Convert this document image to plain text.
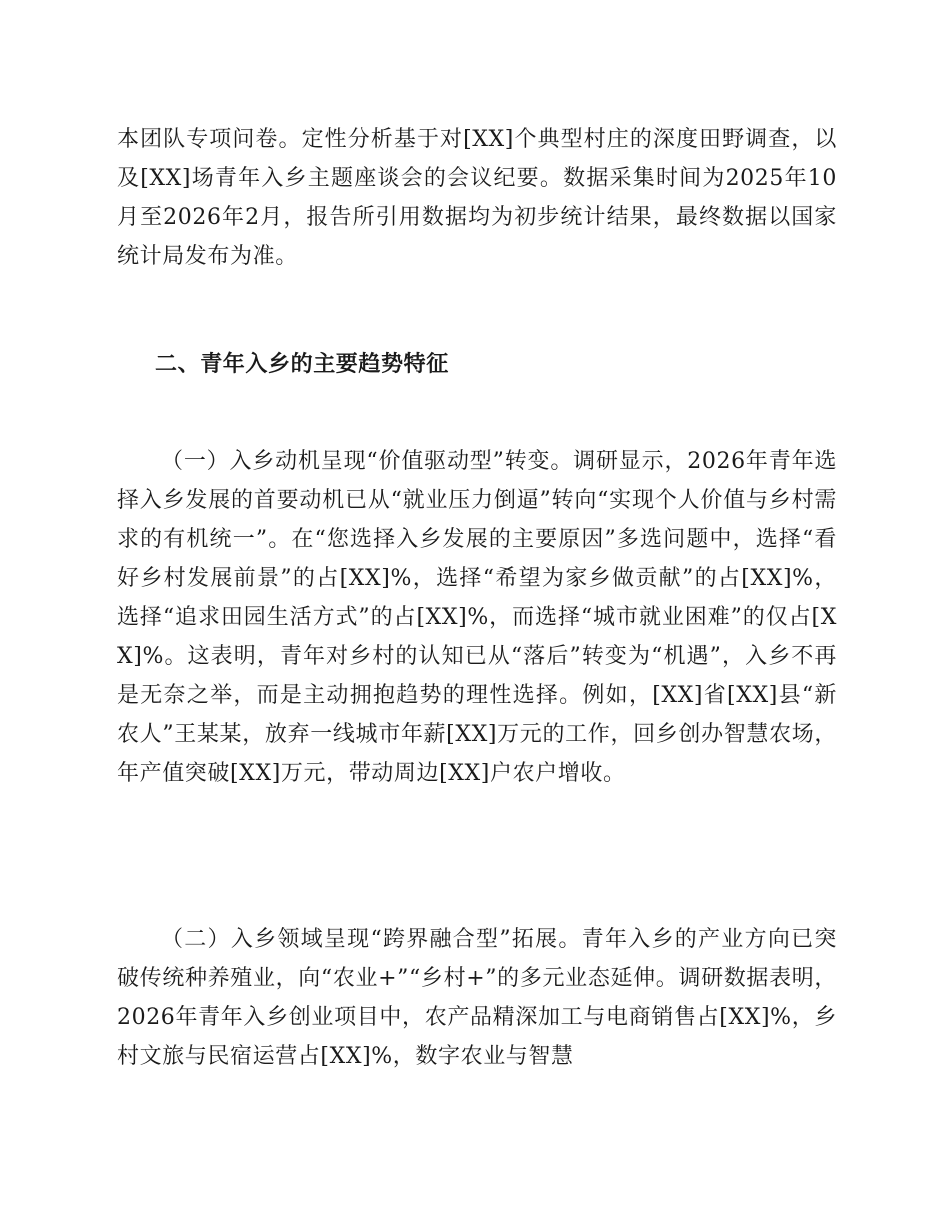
本团队专项问卷。定性分析基于对[XX]个典型村庄的深度田野调查，以及[XX]场青年入乡主题座谈会的会议纪要。数据采集时间为2025年10月至2026年2月，报告所引用数据均为初步统计结果，最终数据以国家统计局发布为准。

二、青年入乡的主要趋势特征

（一）入乡动机呈现“价值驱动型”转变。调研显示，2026年青年选择入乡发展的首要动机已从“就业压力倒逼”转向“实现个人价值与乡村需求的有机统一”。在“您选择入乡发展的主要原因”多选问题中，选择“看好乡村发展前景”的占[XX]%，选择“希望为家乡做贡献”的占[XX]%，选择“追求田园生活方式”的占[XX]%，而选择“城市就业困难”的仅占[XX]%。这表明，青年对乡村的认知已从“落后”转变为“机遇”，入乡不再是无奈之举，而是主动拥抱趋势的理性选择。例如，[XX]省[XX]县“新农人”王某某，放弃一线城市年薪[XX]万元的工作，回乡创办智慧农场，年产值突破[XX]万元，带动周边[XX]户农户增收。

（二）入乡领域呈现“跨界融合型”拓展。青年入乡的产业方向已突破传统种养殖业，向“农业+”“乡村+”的多元业态延伸。调研数据表明，2026年青年入乡创业项目中，农产品精深加工与电商销售占[XX]%，乡村文旅与民宿运营占[XX]%，数字农业与智慧
